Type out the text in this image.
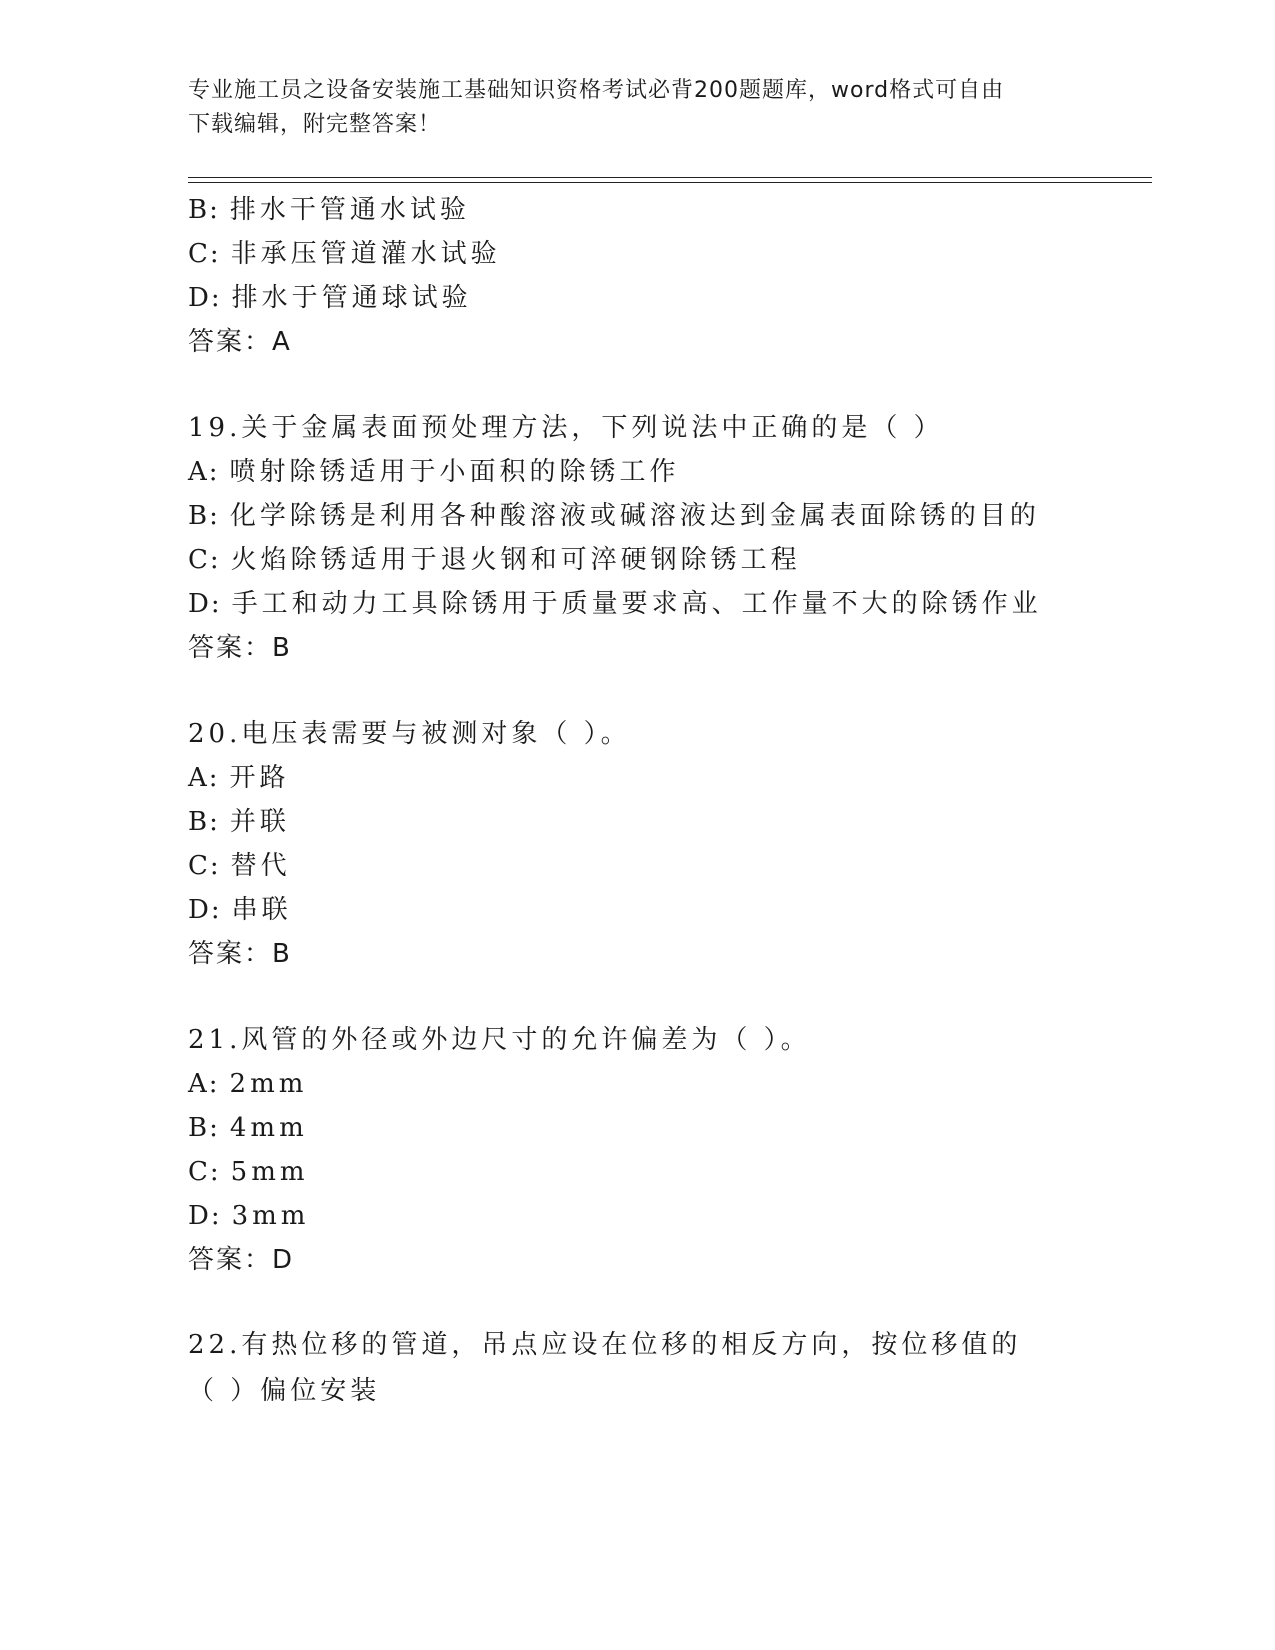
专业施工员之设备安装施工基础知识资格考试必背200题题库，word格式可自由
下载编辑，附完整答案！
B: 排水干管通水试验
C: 非承压管道灌水试验
D: 排水于管通球试验
答案：A
19.关于金属表面预处理方法，下列说法中正确的是（ ）
A: 喷射除锈适用于小面积的除锈工作
B: 化学除锈是利用各种酸溶液或碱溶液达到金属表面除锈的目的
C: 火焰除锈适用于退火钢和可淬硬钢除锈工程
D: 手工和动力工具除锈用于质量要求高、工作量不大的除锈作业
答案：B
20.电压表需要与被测对象（ ）。
A: 开路
B: 并联
C: 替代
D: 串联
答案：B
21.风管的外径或外边尺寸的允许偏差为（ ）。
A: 2mm
B: 4mm
C: 5mm
D: 3mm
答案：D
22.有热位移的管道，吊点应设在位移的相反方向，按位移值的（ ）偏位安装
